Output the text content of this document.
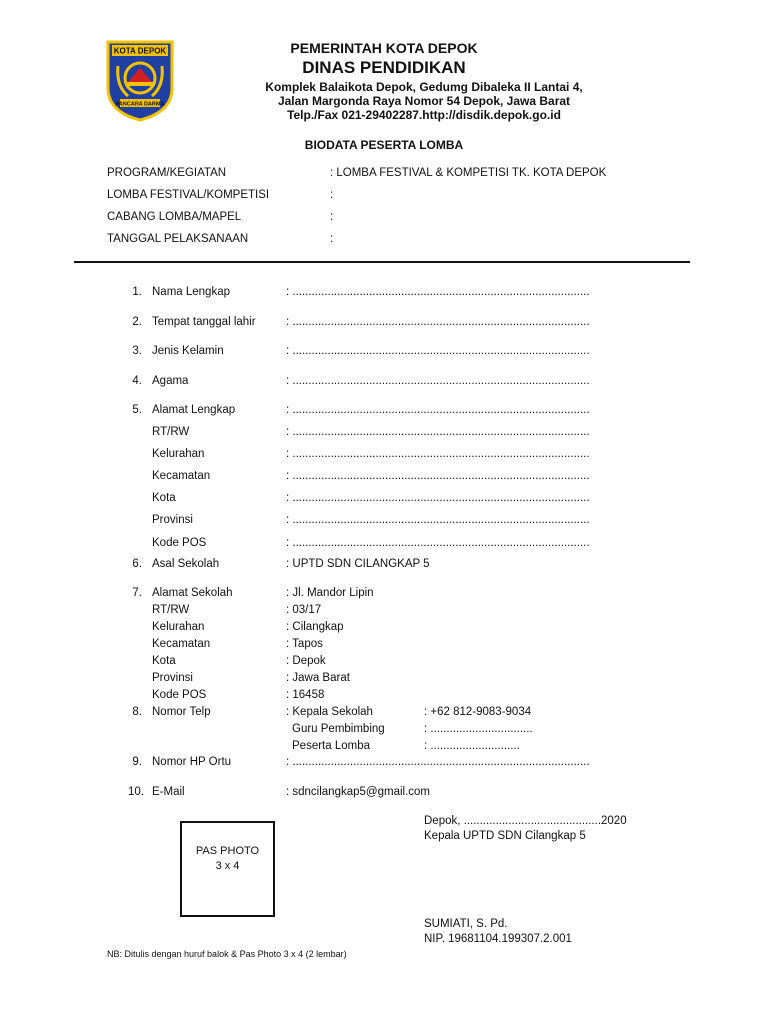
KOTA DEPOK
PANCARA DARMA
PEMERINTAH KOTA DEPOK
DINAS PENDIDIKAN
Komplek Balaikota Depok, Gedumg Dibaleka II Lantai 4,
Jalan Margonda Raya Nomor 54 Depok, Jawa Barat
Telp./Fax 021-29402287.http://disdik.depok.go.id
BIODATA PESERTA LOMBA
PROGRAM/KEGIATAN	: LOMBA FESTIVAL & KOMPETISI TK. KOTA DEPOK
LOMBA FESTIVAL/KOMPETISI	:
CABANG LOMBA/MAPEL	:
TANGGAL PELAKSANAAN	:
1. Nama Lengkap	: .............................................................................................
2. Tempat tanggal lahir	: .............................................................................................
3. Jenis Kelamin	: .............................................................................................
4. Agama	: .............................................................................................
5. Alamat Lengkap	: .............................................................................................
RT/RW	: .............................................................................................
Kelurahan	: .............................................................................................
Kecamatan	: .............................................................................................
Kota	: .............................................................................................
Provinsi	: .............................................................................................
Kode POS	: .............................................................................................
6. Asal Sekolah	: UPTD SDN CILANGKAP 5
7. Alamat Sekolah	: Jl. Mandor Lipin
RT/RW	: 03/17
Kelurahan	: Cilangkap
Kecamatan	: Tapos
Kota	: Depok
Provinsi	: Jawa Barat
Kode POS	: 16458
8. Nomor Telp	: Kepala Sekolah	: +62 812-9083-9034
Guru Pembimbing	: ................................
Peserta Lomba	: ............................
9. Nomor HP Ortu	: .............................................................................................
10. E-Mail	: sdncilangkap5@gmail.com
PAS PHOTO
3 x 4
Depok, ...........................................2020
Kepala UPTD SDN Cilangkap 5
SUMIATI, S. Pd.
NIP. 19681104.199307.2.001
NB: Ditulis dengan huruf balok & Pas Photo 3 x 4 (2 lembar)
